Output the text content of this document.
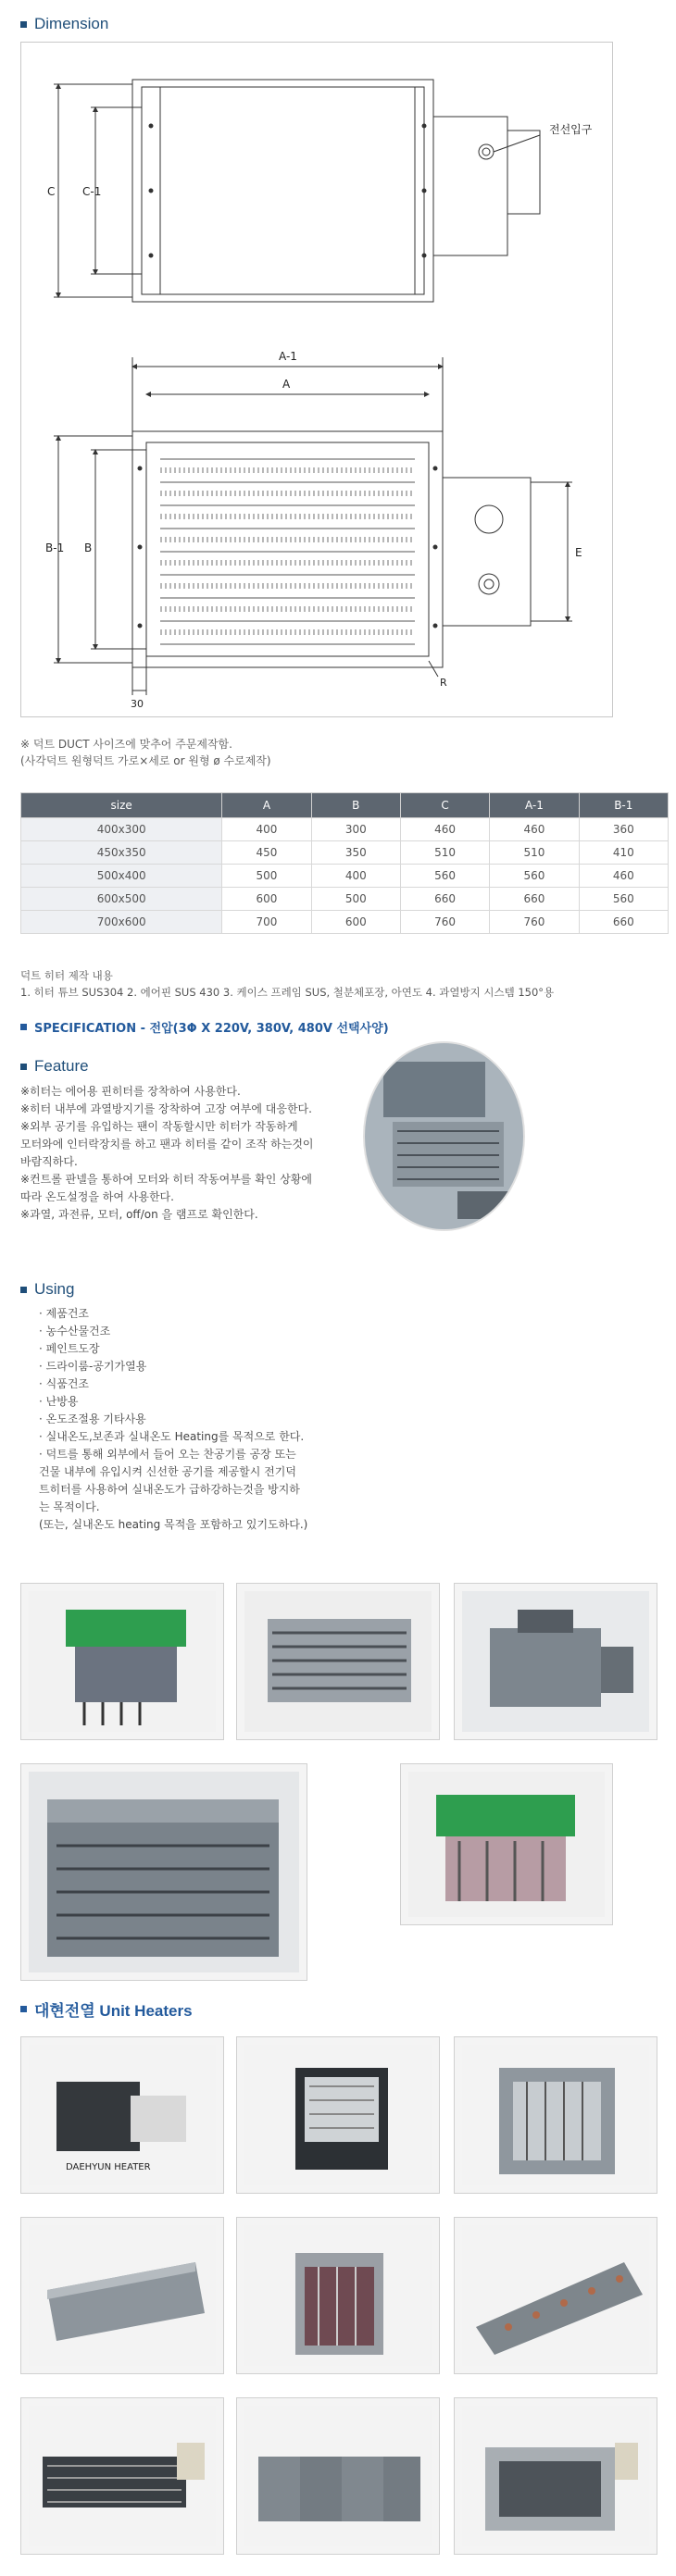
Dimension
전선입구
C C-1
A-1
A
B-1 B	E
R
30
※ 덕트 DUCT 사이즈에 맞추어 주문제작함.
(사각덕트 원형덕트 가로×세로 or 원형 ø 수로제작)
size	A	B	C	A-1	B-1
400x300	400	300	460	460	360
450x350	450	350	510	510	410
500x400	500	400	560	560	460
600x500	600	500	660	660	560
700x600	700	600	760	760	660
덕트 히터 제작 내용
1. 히터 튜브 SUS304 2. 에어핀 SUS 430 3. 케이스 프레임 SUS, 철분체포장, 아연도 4. 과열방지 시스템 150°용
SPECIFICATION - 전압(3Φ X 220V, 380V, 480V 선택사양)
Feature
※히터는 에어용 핀히터를 장착하여 사용한다.
※히터 내부에 과열방지기를 장착하여 고장 여부에 대응한다.
※외부 공기를 유입하는 팬이 작동할시만 히터가 작동하게
모터와에 인터락장치를 하고 팬과 히터를 같이 조작 하는것이
바람직하다.
※컨트롤 판넬을 통하여 모터와 히터 작동여부를 확인 상황에
따라 온도설정을 하여 사용한다.
※과열, 과전류, 모터, off/on 을 램프로 확인한다.
Using
· 제품건조
· 농수산물건조
· 페인트도장
· 드라이룸-공기가열용
· 식품건조
· 난방용
· 온도조절용 기타사용
· 실내온도,보존과 실내온도 Heating를 목적으로 한다.
· 덕트를 통해 외부에서 들어 오는 찬공기를 공장 또는
건물 내부에 유입시켜 신선한 공기를 제공할시 전기덕
트히터를 사용하여 실내온도가 급하강하는것을 방지하
는 목적이다.
(또는, 실내온도 heating 목적을 포함하고 있기도하다.)
대현전열 Unit Heaters
DAEHYUN HEATER
